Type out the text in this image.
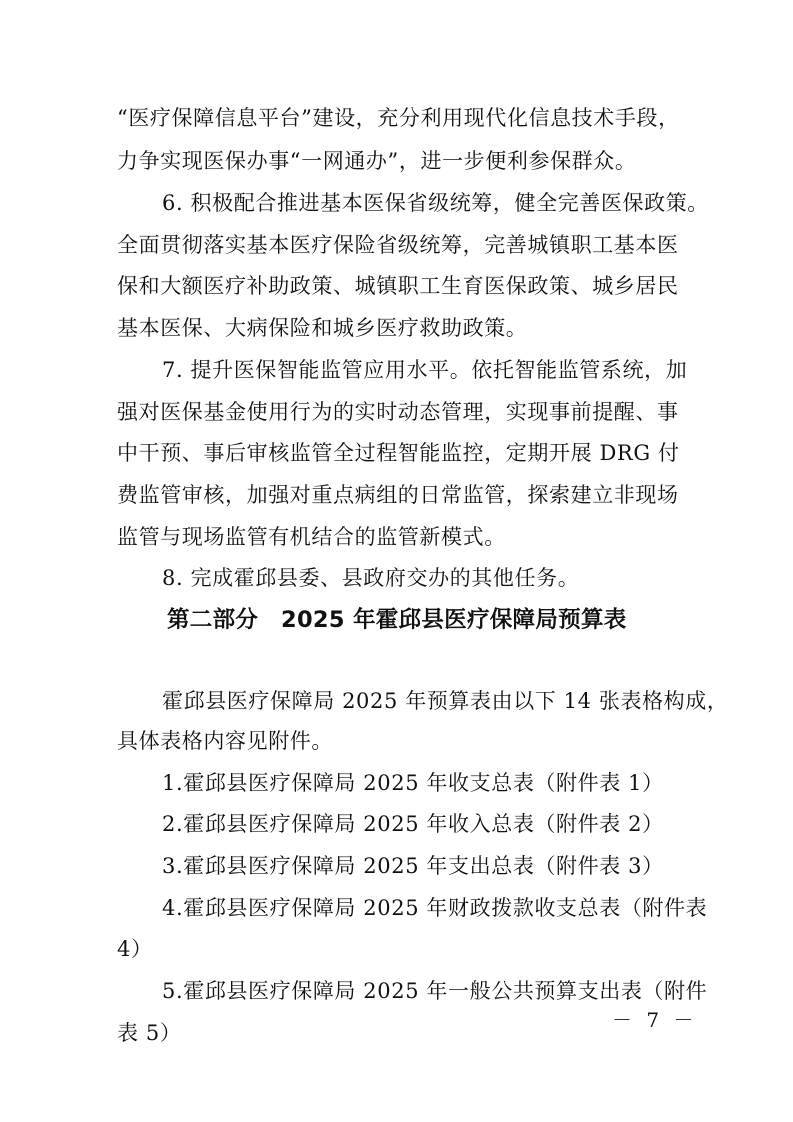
“医疗保障信息平台”建设，充分利用现代化信息技术手段，
力争实现医保办事“一网通办”，进一步便利参保群众。
6. 积极配合推进基本医保省级统筹，健全完善医保政策。
全面贯彻落实基本医疗保险省级统筹，完善城镇职工基本医
保和大额医疗补助政策、城镇职工生育医保政策、城乡居民
基本医保、大病保险和城乡医疗救助政策。
7. 提升医保智能监管应用水平。依托智能监管系统，加
强对医保基金使用行为的实时动态管理，实现事前提醒、事
中干预、事后审核监管全过程智能监控，定期开展 DRG 付
费监管审核，加强对重点病组的日常监管，探索建立非现场
监管与现场监管有机结合的监管新模式。
8. 完成霍邱县委、县政府交办的其他任务。
第二部分　2025 年霍邱县医疗保障局预算表
霍邱县医疗保障局 2025 年预算表由以下 14 张表格构成，
具体表格内容见附件。
1.霍邱县医疗保障局 2025 年收支总表（附件表 1）
2.霍邱县医疗保障局 2025 年收入总表（附件表 2）
3.霍邱县医疗保障局 2025 年支出总表（附件表 3）
4.霍邱县医疗保障局 2025 年财政拨款收支总表（附件表
4）
5.霍邱县医疗保障局 2025 年一般公共预算支出表（附件
表 5）
－ 7 －
